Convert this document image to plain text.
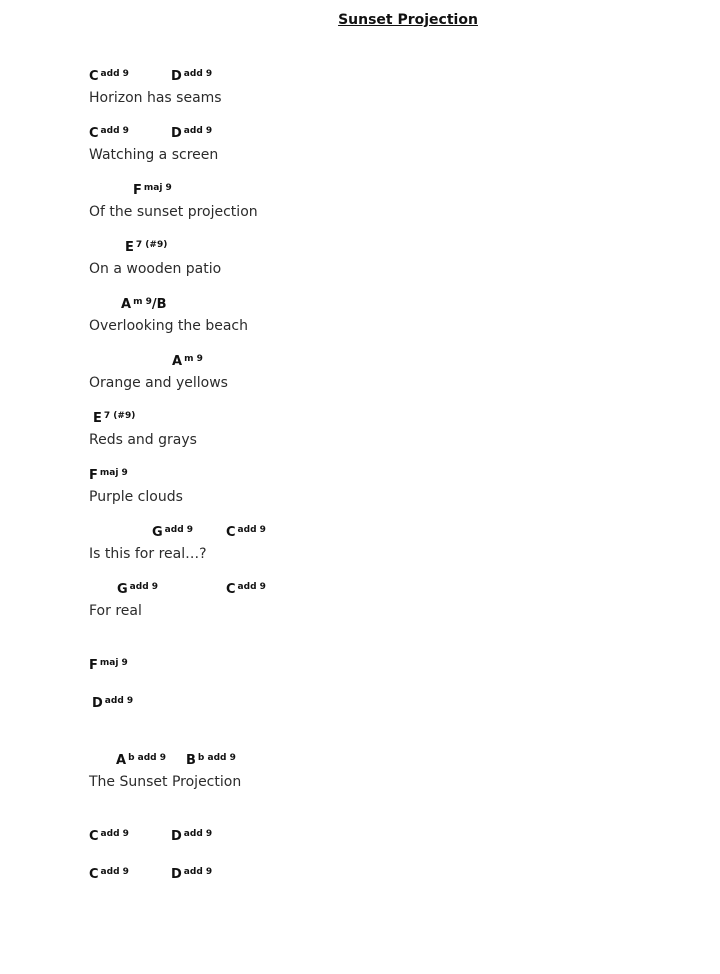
Sunset Projection
C $^{add 9}$	D $^{add 9}$
Horizon has seams
C $^{add 9}$	D $^{add 9}$
Watching a screen
F $^{maj 9}$
Of the sunset projection
E $^{7 (\#9)}$
On a wooden patio
A $^{m 9}$/B
Overlooking the beach
A $^{m 9}$
Orange and yellows
E $^{7 (\#9)}$
Reds and grays
F $^{maj 9}$
Purple clouds
G $^{add 9}$	C $^{add 9}$
Is this for real…?
G $^{add 9}$	C $^{add 9}$
For real
F $^{maj 9}$
D $^{add 9}$
A $^{b add 9}$ B $^{b add 9}$
The Sunset Projection
C $^{add 9}$	D $^{add 9}$
C $^{add 9}$	D $^{add 9}$
